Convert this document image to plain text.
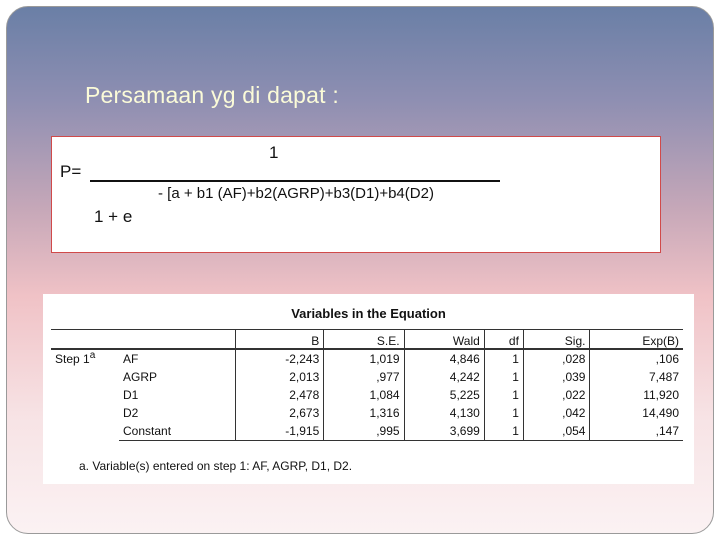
Persamaan yg di dapat :
1
P=
- [a + b1 (AF)+b2(AGRP)+b3(D1)+b4(D2)
1 + e
Variables in the Equation
		B	S.E.	Wald	df	Sig.	Exp(B)
Step 1$^a$	AF	-2,243	1,019	4,846	1	,028	,106
	AGRP	2,013	,977	4,242	1	,039	7,487
	D1	2,478	1,084	5,225	1	,022	11,920
	D2	2,673	1,316	4,130	1	,042	14,490
	Constant	-1,915	,995	3,699	1	,054	,147
a. Variable(s) entered on step 1: AF, AGRP, D1, D2.
